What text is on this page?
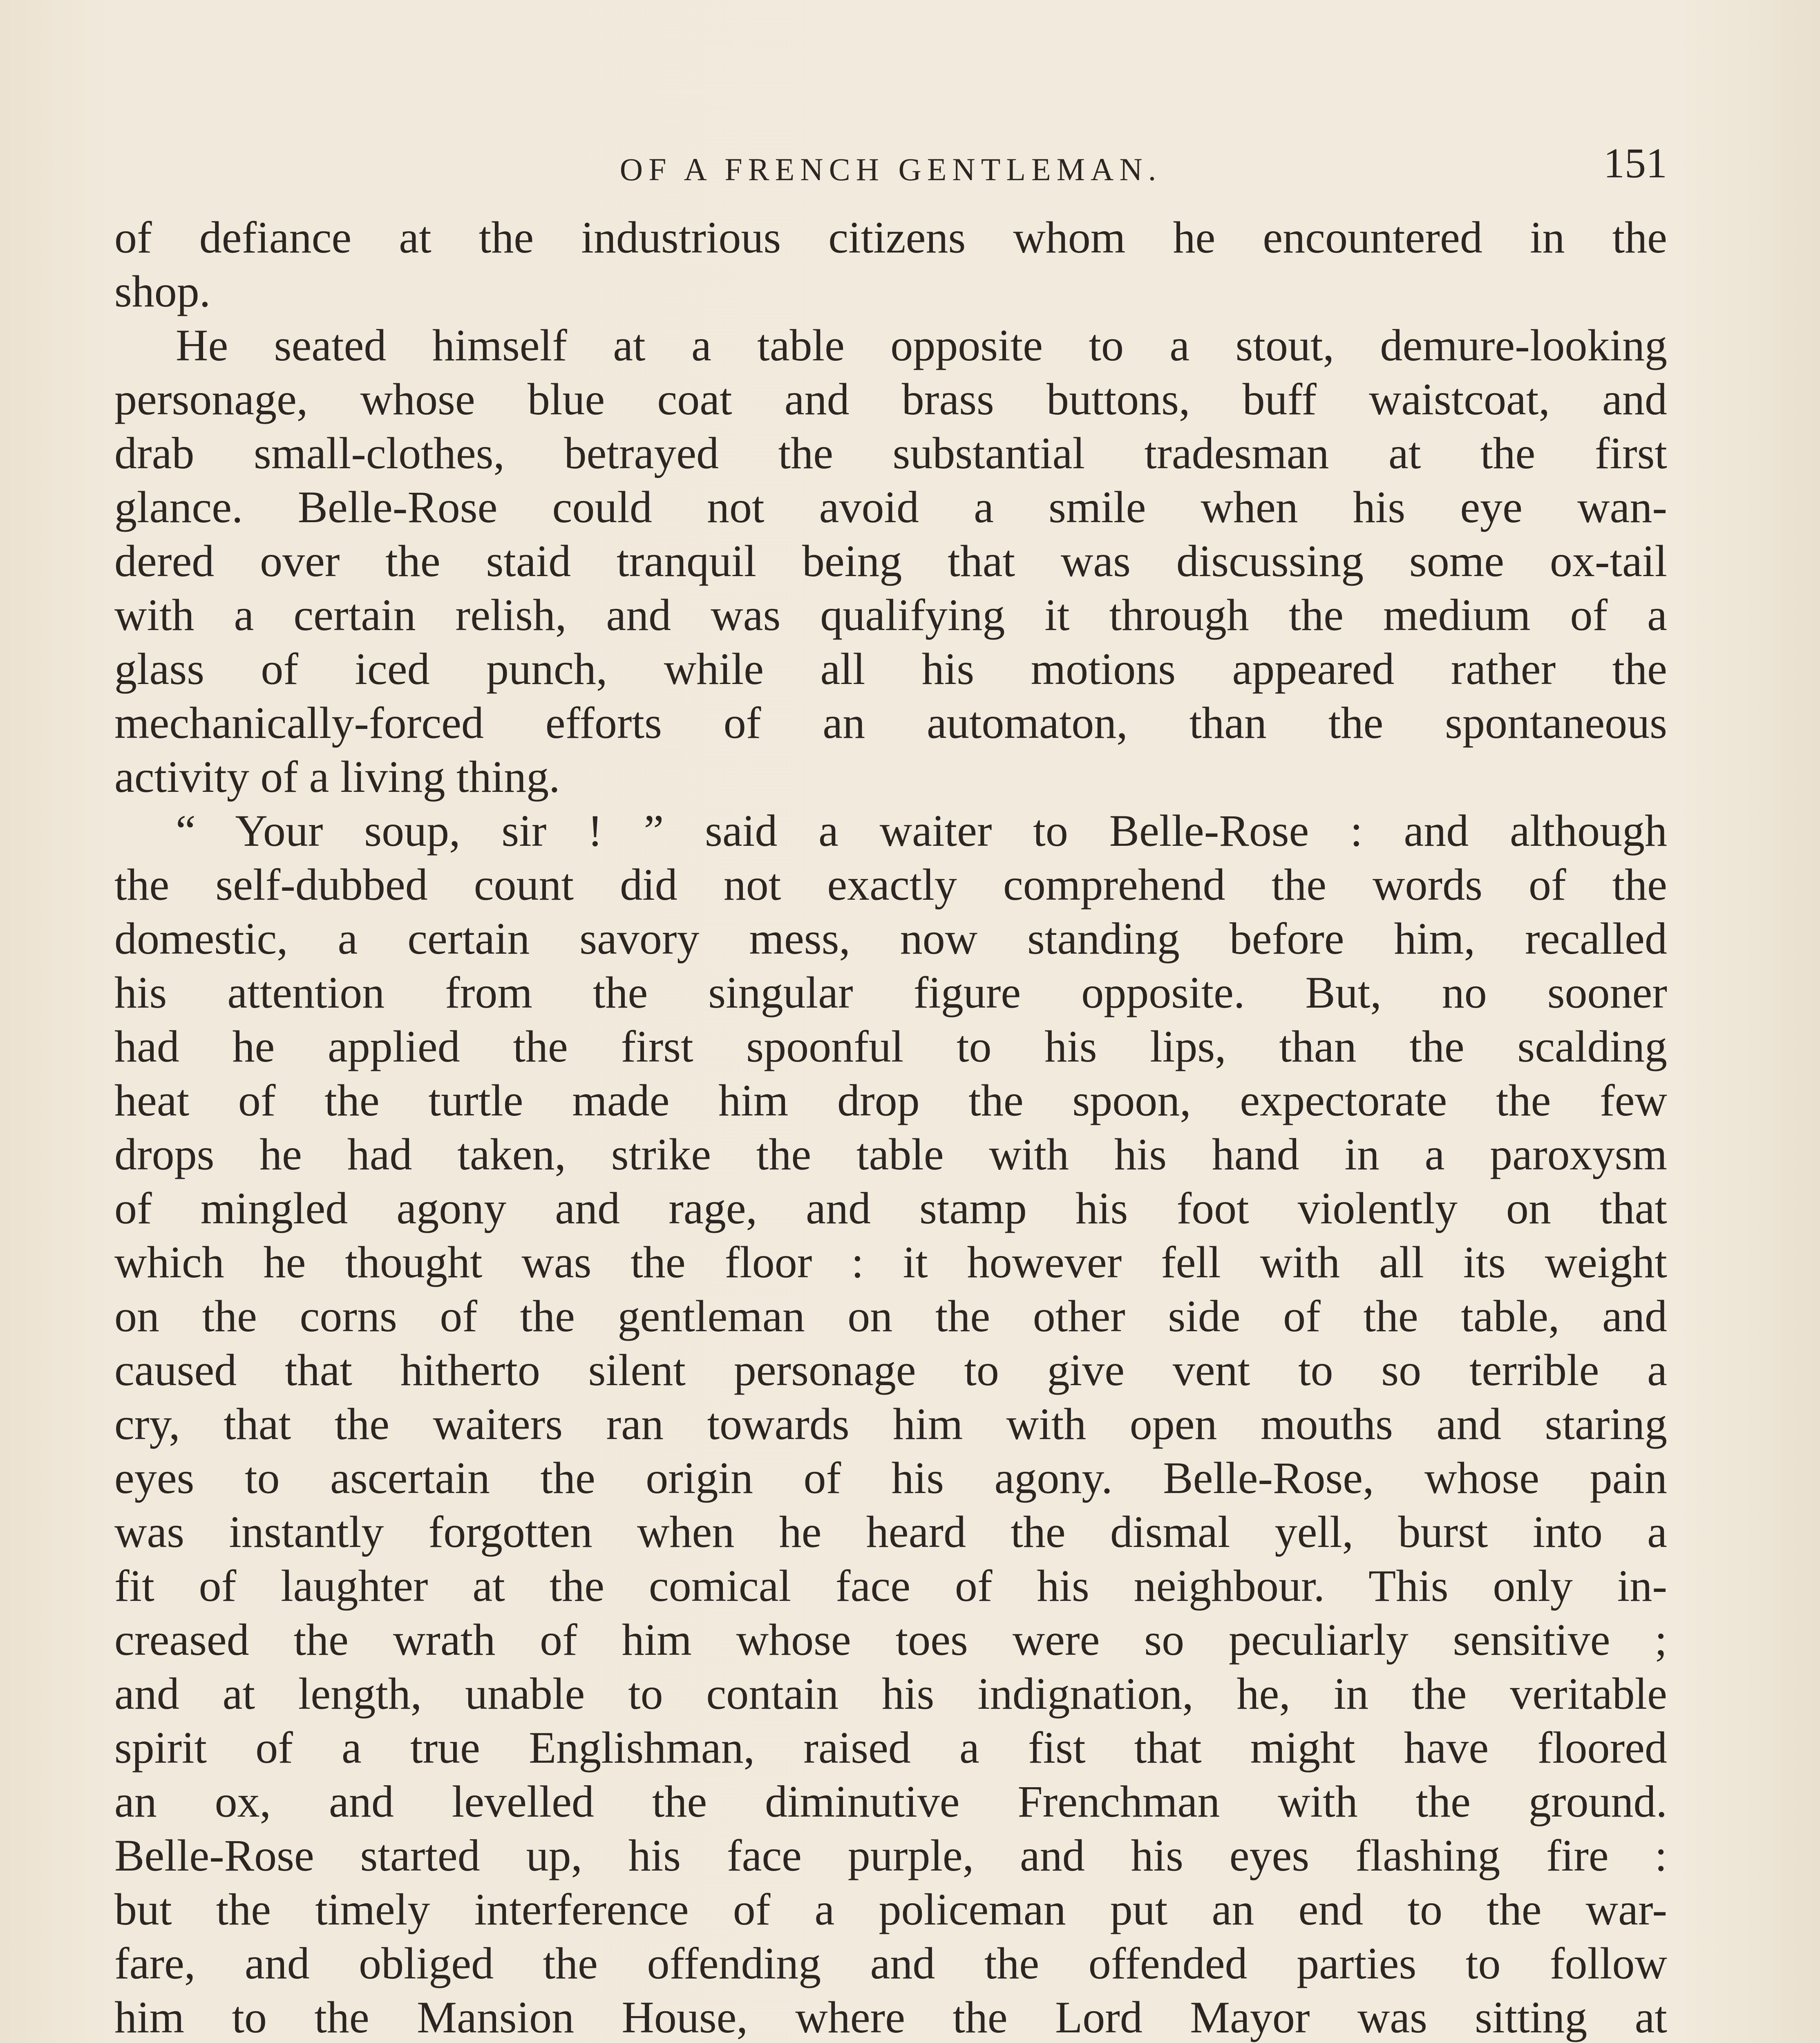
OF A FRENCH GENTLEMAN.	151
of defiance at the industrious citizens whom he encountered in the
shop.
He seated himself at a table opposite to a stout, demure-looking
personage, whose blue coat and brass buttons, buff waistcoat, and
drab small-clothes, betrayed the substantial tradesman at the first
glance. Belle-Rose could not avoid a smile when his eye wan-
dered over the staid tranquil being that was discussing some ox-tail
with a certain relish, and was qualifying it through the medium of a
glass of iced punch, while all his motions appeared rather the
mechanically-forced efforts of an automaton, than the spontaneous
activity of a living thing.
“ Your soup, sir ! ” said a waiter to Belle-Rose : and although
the self-dubbed count did not exactly comprehend the words of the
domestic, a certain savory mess, now standing before him, recalled
his attention from the singular figure opposite. But, no sooner
had he applied the first spoonful to his lips, than the scalding
heat of the turtle made him drop the spoon, expectorate the few
drops he had taken, strike the table with his hand in a paroxysm
of mingled agony and rage, and stamp his foot violently on that
which he thought was the floor : it however fell with all its weight
on the corns of the gentleman on the other side of the table, and
caused that hitherto silent personage to give vent to so terrible a
cry, that the waiters ran towards him with open mouths and staring
eyes to ascertain the origin of his agony. Belle-Rose, whose pain
was instantly forgotten when he heard the dismal yell, burst into a
fit of laughter at the comical face of his neighbour. This only in-
creased the wrath of him whose toes were so peculiarly sensitive ;
and at length, unable to contain his indignation, he, in the veritable
spirit of a true Englishman, raised a fist that might have floored
an ox, and levelled the diminutive Frenchman with the ground.
Belle-Rose started up, his face purple, and his eyes flashing fire :
but the timely interference of a policeman put an end to the war-
fare, and obliged the offending and the offended parties to follow
him to the Mansion House, where the Lord Mayor was sitting at
